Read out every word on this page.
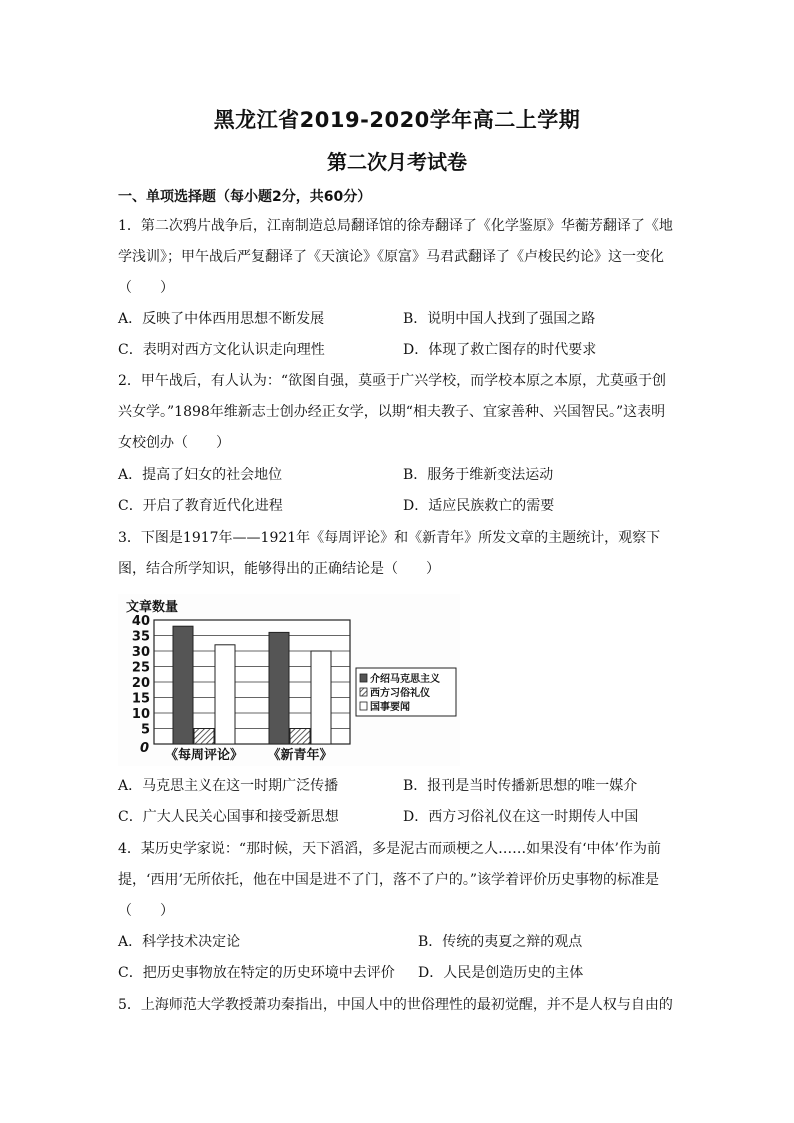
黑龙江省2019-2020学年高二上学期
第二次月考试卷
一、单项选择题（每小题2分，共60分）

1．第二次鸦片战争后，江南制造总局翻译馆的徐寿翻译了《化学鉴原》华蘅芳翻译了《地学浅训》；甲午战后严复翻译了《天演论》《原富》马君武翻译了《卢梭民约论》这一变化（　　）

A．反映了中体西用思想不断发展	B．说明中国人找到了强国之路
C．表明对西方文化认识走向理性	D．体现了救亡图存的时代要求

2．甲午战后，有人认为：“欲图自强，莫亟于广兴学校，而学校本原之本原，尤莫亟于创兴女学。”1898年维新志士创办经正女学，以期“相夫教子、宜家善种、兴国智民。”这表明女校创办（　　）

A．提高了妇女的社会地位	B．服务于维新变法运动
C．开启了教育近代化进程	D．适应民族救亡的需要

3．下图是1917年——1921年《每周评论》和《新青年》所发文章的主题统计，观察下图，结合所学知识，能够得出的正确结论是（　　）

0
5
10
15
20
25
30
35
40
文章数量
《每周评论》 《新青年》
介绍马克思主义
西方习俗礼仪
国事要闻
A．马克思主义在这一时期广泛传播	B．报刊是当时传播新思想的唯一媒介
C．广大人民关心国事和接受新思想	D．西方习俗礼仪在这一时期传人中国

4．某历史学家说：“那时候，天下滔滔，多是泥古而顽梗之人……如果没有‘中体’作为前提，‘西用’无所依托，他在中国是进不了门，落不了户的。”该学着评价历史事物的标准是（　　）

A．科学技术决定论	B．传统的夷夏之辩的观点
C．把历史事物放在特定的历史环境中去评价 D．人民是创造历史的主体

5．上海师范大学教授萧功秦指出，中国人中的世俗理性的最初觉醒，并不是人权与自由的
